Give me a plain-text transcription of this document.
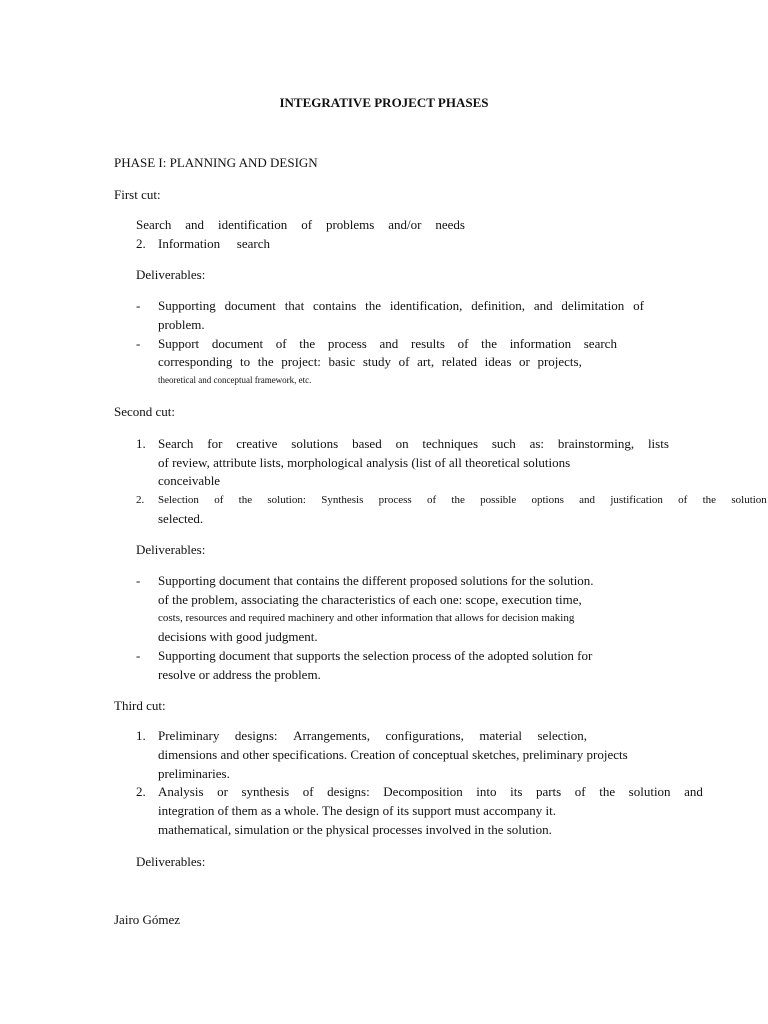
INTEGRATIVE PROJECT PHASES
PHASE I: PLANNING AND DESIGN
First cut:
Search and identification of problems and/or needs
2. Information search
Deliverables:
- Supporting document that contains the identification, definition, and delimitation of
problem.
- Support document of the process and results of the information search
corresponding to the project: basic study of art, related ideas or projects,
theoretical and conceptual framework, etc.
Second cut:
1. Search for creative solutions based on techniques such as: brainstorming, lists
of review, attribute lists, morphological analysis (list of all theoretical solutions
conceivable
2. Selection of the solution: Synthesis process of the possible options and justification of the solution
selected.
Deliverables:
- Supporting document that contains the different proposed solutions for the solution.
of the problem, associating the characteristics of each one: scope, execution time,
costs, resources and required machinery and other information that allows for decision making
decisions with good judgment.
- Supporting document that supports the selection process of the adopted solution for
resolve or address the problem.
Third cut:
1. Preliminary designs: Arrangements, configurations, material selection,
dimensions and other specifications. Creation of conceptual sketches, preliminary projects
preliminaries.
2. Analysis or synthesis of designs: Decomposition into its parts of the solution and
integration of them as a whole. The design of its support must accompany it.
mathematical, simulation or the physical processes involved in the solution.
Deliverables:
Jairo Gómez
